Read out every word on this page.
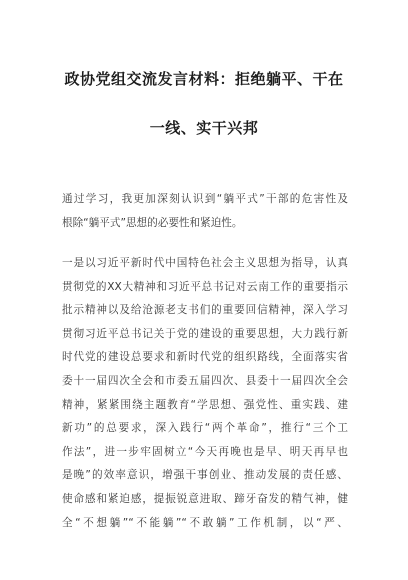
政协党组交流发言材料：拒绝躺平、干在
一线、实干兴邦
通过学习，我更加深刻认识到“躺平式”干部的危害性及
根除“躺平式”思想的必要性和紧迫性。
一是以习近平新时代中国特色社会主义思想为指导，认真
贯彻党的XX大精神和习近平总书记对云南工作的重要指示
批示精神以及给沧源老支书们的重要回信精神，深入学习
贯彻习近平总书记关于党的建设的重要思想，大力践行新
时代党的建设总要求和新时代党的组织路线，全面落实省
委十一届四次全会和市委五届四次、县委十一届四次全会
精神，紧紧围绕主题教育“学思想、强党性、重实践、建
新功”的总要求，深入践行“两个革命”，推行“三个工
作法”，进一步牢固树立“今天再晚也是早、明天再早也
是晚”的效率意识，增强干事创业、推动发展的责任感、
使命感和紧迫感，提振锐意进取、蹄牙奋发的精气神，健
全“不想躺”“不能躺”“不敢躺”工作机制，以“严、
